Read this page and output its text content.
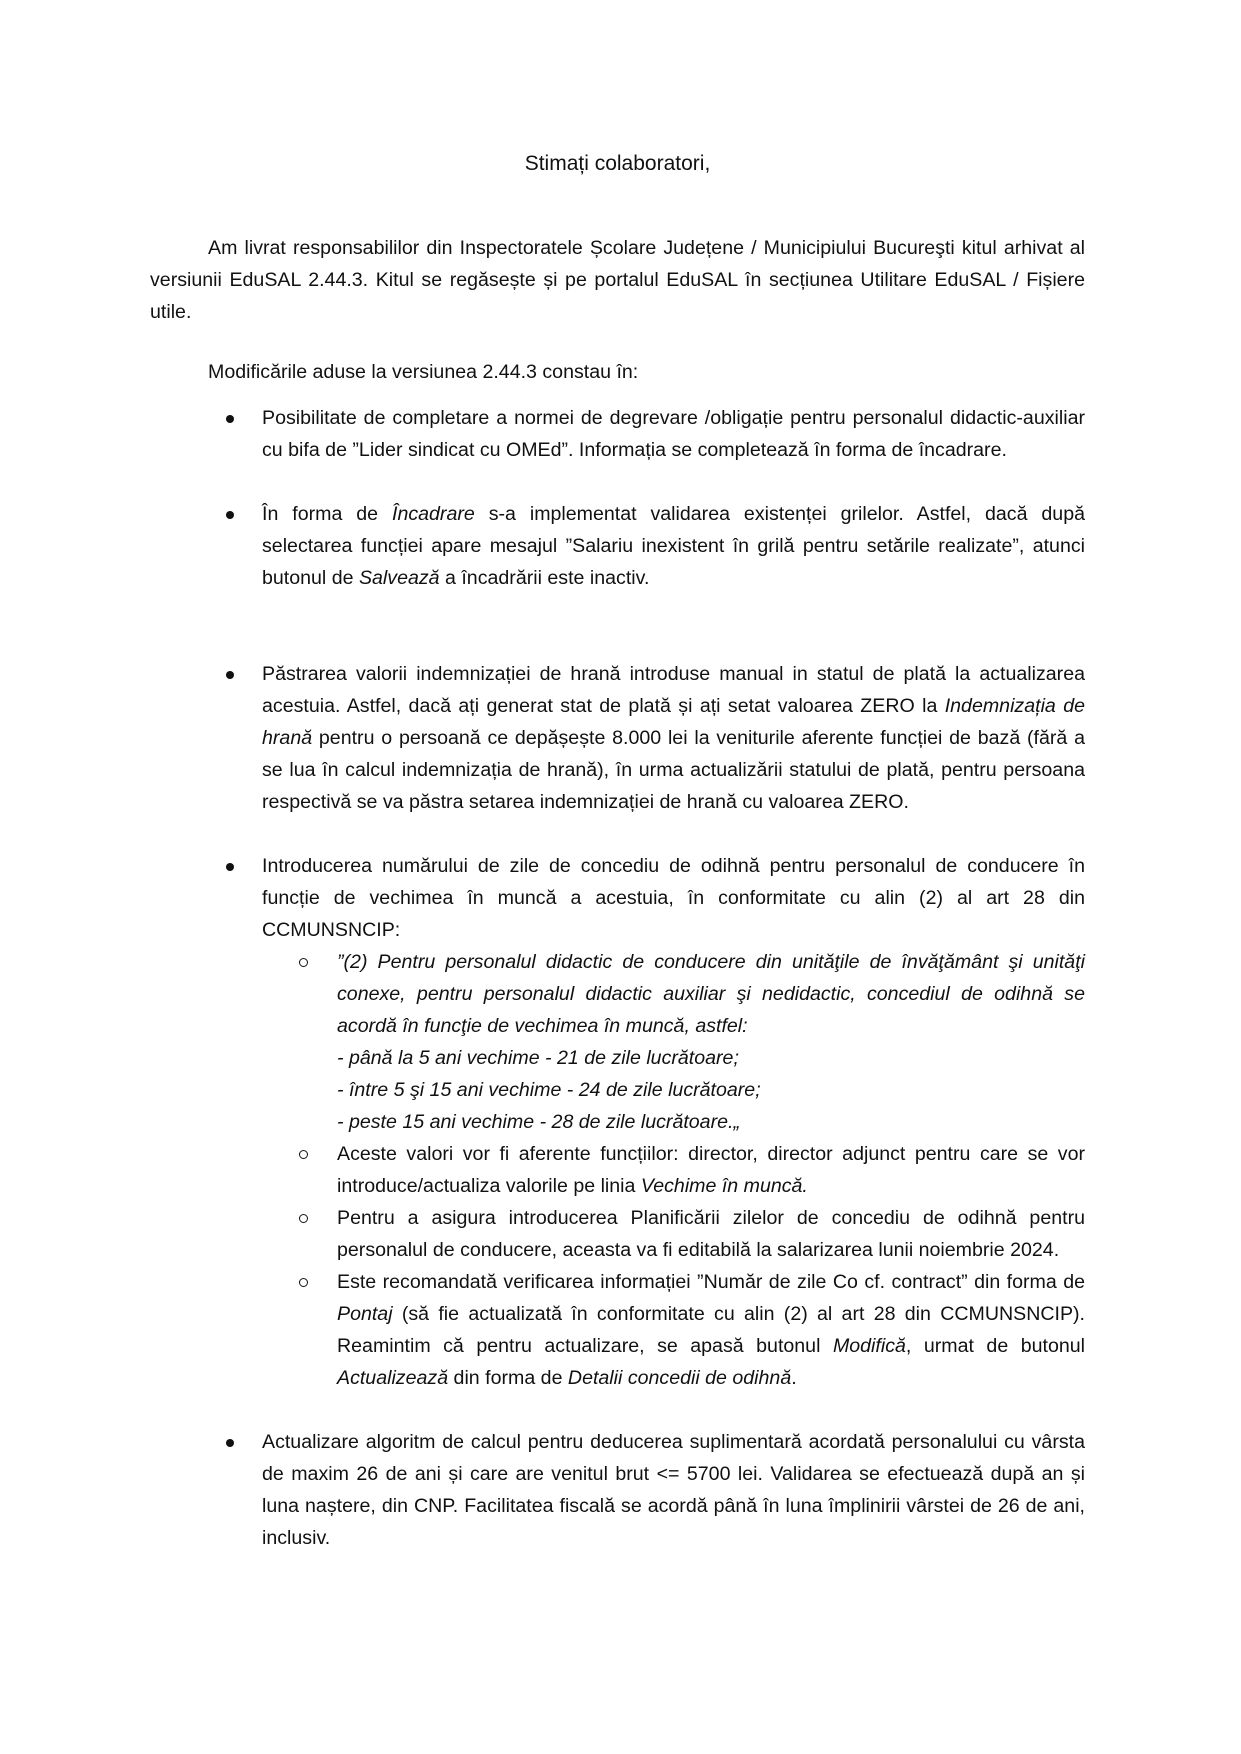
Stimați colaboratori,

Am livrat responsabililor din Inspectoratele Școlare Județene / Municipiului Bucureşti kitul arhivat al versiunii EduSAL 2.44.3. Kitul se regăsește și pe portalul EduSAL în secțiunea Utilitare EduSAL / Fișiere utile.

Modificările aduse la versiunea 2.44.3 constau în:

Posibilitate de completare a normei de degrevare /obligație pentru personalul didactic-auxiliar cu bifa de ”Lider sindicat cu OMEd”. Informația se completează în forma de încadrare.

În forma de Încadrare s-a implementat validarea existenței grilelor. Astfel, dacă după selectarea funcției apare mesajul ”Salariu inexistent în grilă pentru setările realizate”, atunci butonul de Salvează a încadrării este inactiv.

Păstrarea valorii indemnizației de hrană introduse manual in statul de plată la actualizarea acestuia. Astfel, dacă ați generat stat de plată și ați setat valoarea ZERO la Indemnizația de hrană pentru o persoană ce depășește 8.000 lei la veniturile aferente funcției de bază (fără a se lua în calcul indemnizația de hrană), în urma actualizării statului de plată, pentru persoana respectivă se va păstra setarea indemnizației de hrană cu valoarea ZERO.

Introducerea numărului de zile de concediu de odihnă pentru personalul de conducere în funcție de vechimea în muncă a acestuia, în conformitate cu alin (2) al art 28 din CCMUNSNCIP:

”(2) Pentru personalul didactic de conducere din unităţile de învăţământ şi unităţi conexe, pentru personalul didactic auxiliar şi nedidactic, concediul de odihnă se acordă în funcţie de vechimea în muncă, astfel:

- până la 5 ani vechime - 21 de zile lucrătoare;
- între 5 şi 15 ani vechime - 24 de zile lucrătoare;
- peste 15 ani vechime - 28 de zile lucrătoare.„

Aceste valori vor fi aferente funcțiilor: director, director adjunct pentru care se vor introduce/actualiza valorile pe linia Vechime în muncă.

Pentru a asigura introducerea Planificării zilelor de concediu de odihnă pentru personalul de conducere, aceasta va fi editabilă la salarizarea lunii noiembrie 2024.

Este recomandată verificarea informației ”Număr de zile Co cf. contract” din forma de Pontaj (să fie actualizată în conformitate cu alin (2) al art 28 din CCMUNSNCIP). Reamintim că pentru actualizare, se apasă butonul Modifică, urmat de butonul Actualizează din forma de Detalii concedii de odihnă.

Actualizare algoritm de calcul pentru deducerea suplimentară acordată personalului cu vârsta de maxim 26 de ani și care are venitul brut <= 5700 lei. Validarea se efectuează după an și luna naștere, din CNP. Facilitatea fiscală se acordă până în luna împlinirii vârstei de 26 de ani, inclusiv.
